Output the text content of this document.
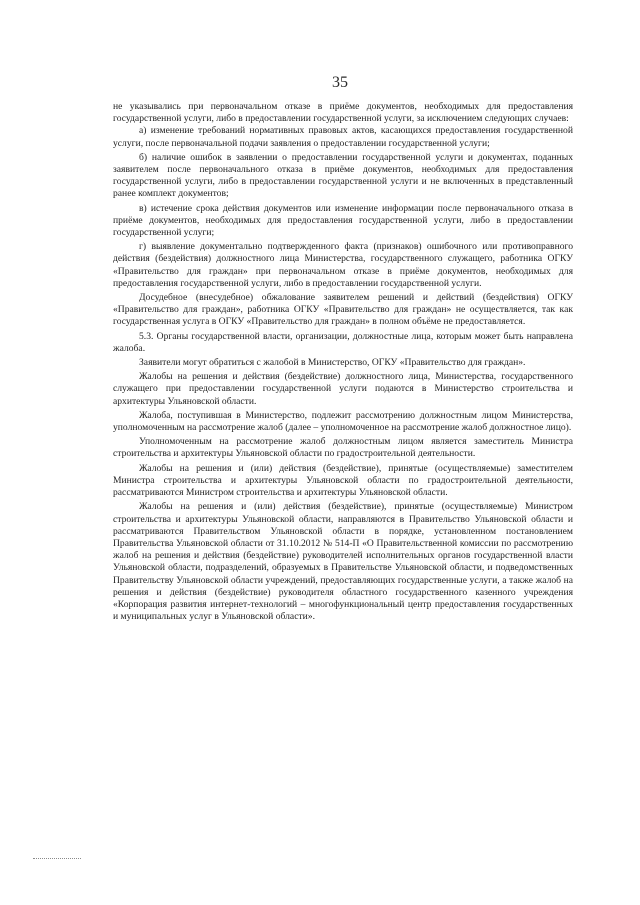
35

не указывались при первоначальном отказе в приёме документов, необходимых для предоставления государственной услуги, либо в предоставлении государственной услуги, за исключением следующих случаев:

а) изменение требований нормативных правовых актов, касающихся предоставления государственной услуги, после первоначальной подачи заявления о предоставлении государственной услуги;

б) наличие ошибок в заявлении о предоставлении государственной услуги и документах, поданных заявителем после первоначального отказа в приёме документов, необходимых для предоставления государственной услуги, либо в предоставлении государственной услуги и не включенных в представленный ранее комплект документов;

в) истечение срока действия документов или изменение информации после первоначального отказа в приёме документов, необходимых для предоставления государственной услуги, либо в предоставлении государственной услуги;

г) выявление документально подтвержденного факта (признаков) ошибочного или противоправного действия (бездействия) должностного лица Министерства, государственного служащего, работника ОГКУ «Правительство для граждан» при первоначальном отказе в приёме документов, необходимых для предоставления государственной услуги, либо в предоставлении государственной услуги.

Досудебное (внесудебное) обжалование заявителем решений и действий (бездействия) ОГКУ «Правительство для граждан», работника ОГКУ «Правительство для граждан» не осуществляется, так как государственная услуга в ОГКУ «Правительство для граждан» в полном объёме не предоставляется.

5.3. Органы государственной власти, организации, должностные лица, которым может быть направлена жалоба.

Заявители могут обратиться с жалобой в Министерство, ОГКУ «Правительство для граждан».

Жалобы на решения и действия (бездействие) должностного лица, Министерства, государственного служащего при предоставлении государственной услуги подаются в Министерство строительства и архитектуры Ульяновской области.

Жалоба, поступившая в Министерство, подлежит рассмотрению должностным лицом Министерства, уполномоченным на рассмотрение жалоб (далее – уполномоченное на рассмотрение жалоб должностное лицо).

Уполномоченным на рассмотрение жалоб должностным лицом является заместитель Министра строительства и архитектуры Ульяновской области по градостроительной деятельности.

Жалобы на решения и (или) действия (бездействие), принятые (осуществляемые) заместителем Министра строительства и архитектуры Ульяновской области по градостроительной деятельности, рассматриваются Министром строительства и архитектуры Ульяновской области.

Жалобы на решения и (или) действия (бездействие), принятые (осуществляемые) Министром строительства и архитектуры Ульяновской области, направляются в Правительство Ульяновской области и рассматриваются Правительством Ульяновской области в порядке, установленном постановлением Правительства Ульяновской области от 31.10.2012 № 514-П «О Правительственной комиссии по рассмотрению жалоб на решения и действия (бездействие) руководителей исполнительных органов государственной власти Ульяновской области, подразделений, образуемых в Правительстве Ульяновской области, и подведомственных Правительству Ульяновской области учреждений, предоставляющих государственные услуги, а также жалоб на решения и действия (бездействие) руководителя областного государственного казенного учреждения «Корпорация развития интернет-технологий – многофункциональный центр предоставления государственных и муниципальных услуг в Ульяновской области».
